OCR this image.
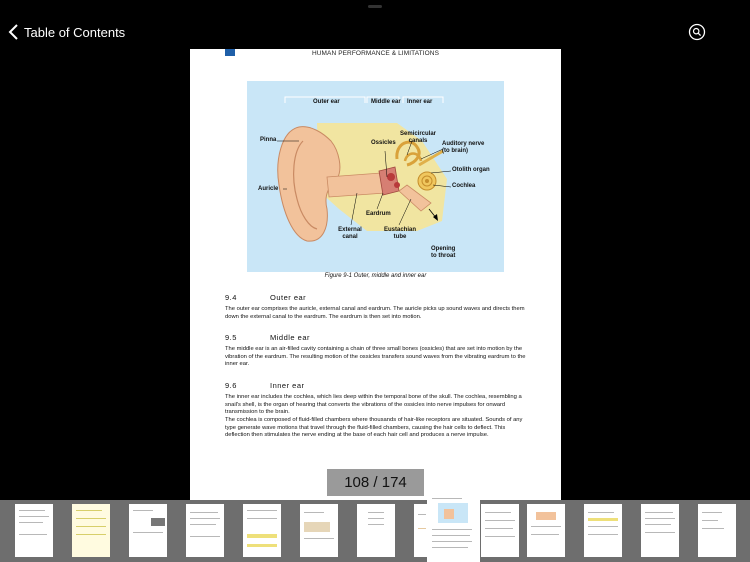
Table of Contents
HUMAN PERFORMANCE & LIMITATIONS
Outer ear	Middle ear Inner ear
Pinna	Ossicles
Semicircular canals	Auditory nerve (to brain)
Otolith organ
Cochlea
Auricle
Eardrum
External canal
Eustachian tube
Opening to throat
Figure 9-1 Outer, middle and inner ear
9.4	Outer ear
The outer ear comprises the auricle, external canal and eardrum. The auricle picks up sound waves and directs them down the external canal to the eardrum. The eardrum is then set into motion.
9.5	Middle ear
The middle ear is an air-filled cavity containing a chain of three small bones (ossicles) that are set into motion by the vibration of the eardrum. The resulting motion of the ossicles transfers sound waves from the vibrating eardrum to the inner ear.
9.6	Inner ear
The inner ear includes the cochlea, which lies deep within the temporal bone of the skull. The cochlea, resembling a snail's shell, is the organ of hearing that converts the vibrations of the ossicles into nerve impulses for onward transmission to the brain.
The cochlea is composed of fluid-filled chambers where thousands of hair-like receptors are situated. Sounds of any type generate wave motions that travel through the fluid-filled chambers, causing the hair cells to deflect. This deflection then stimulates the nerve ending at the base of each hair cell and produces a nerve impulse.
108 / 174
